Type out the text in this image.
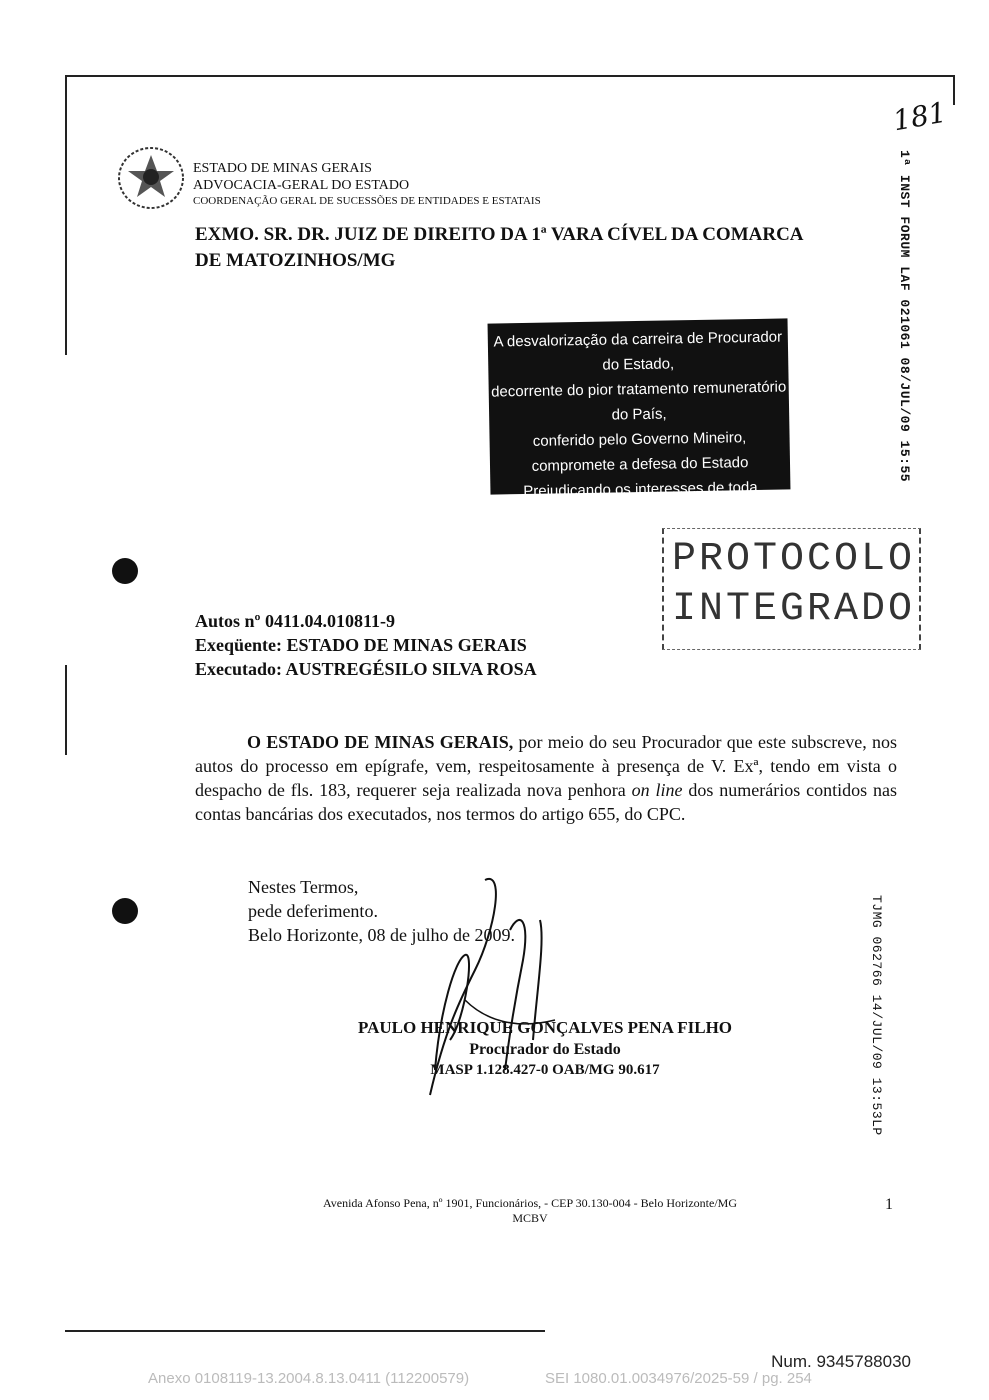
ESTADO DE MINAS GERAIS
ADVOCACIA-GERAL DO ESTADO
COORDENAÇÃO GERAL DE SUCESSÕES DE ENTIDADES E ESTATAIS
181
1ª INST FORUM LAF 021061 08/JUL/09 15:55
EXMO. SR. DR. JUIZ DE DIREITO DA 1ª VARA CÍVEL DA COMARCA
DE MATOZINHOS/MG
A desvalorização da carreira de Procurador do Estado,
decorrente do pior tratamento remuneratório do País,
conferido pelo Governo Mineiro,
compromete a defesa do Estado
Prejudicando os interesses de toda sociedade.
PROTOCOLO
INTEGRADO
Autos nº 0411.04.010811-9
Exeqüente: ESTADO DE MINAS GERAIS
Executado: AUSTREGÉSILO SILVA ROSA
O ESTADO DE MINAS GERAIS, por meio do seu Procurador que este subscreve, nos autos do processo em epígrafe, vem, respeitosamente à presença de V. Exª, tendo em vista o despacho de fls. 183, requerer seja realizada nova penhora on line dos numerários contidos nas contas bancárias dos executados, nos termos do artigo 655, do CPC.
Nestes Termos,
pede deferimento.
Belo Horizonte, 08 de julho de 2009.	TJMG 062766 14/JUL/09 13:53LP
PAULO HENRIQUE GONÇALVES PENA FILHO
Procurador do Estado
MASP 1.128.427-0 OAB/MG 90.617
Avenida Afonso Pena, nº 1901, Funcionários, - CEP 30.130-004 - Belo Horizonte/MG
MCBV
1
Num. 9345788030
Anexo 0108119-13.2004.8.13.0411 (112200579)	SEI 1080.01.0034976/2025-59 / pg. 254
